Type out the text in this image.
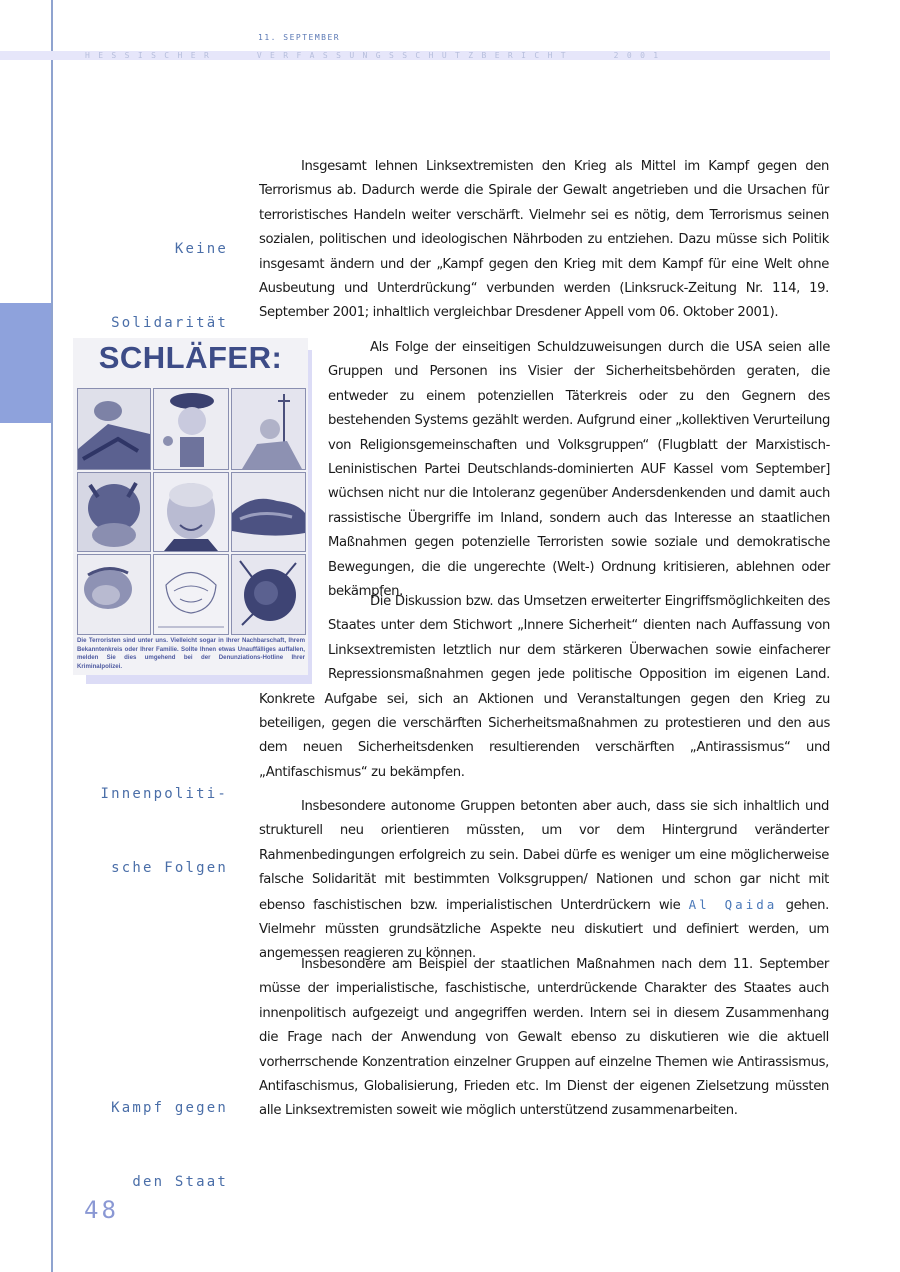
11. SEPTEMBER
HESSISCHER   VERFASSUNGSSCHUTZBERICHT   2001

Keine

Solidarität

Innenpoliti-

sche Folgen

Kampf gegen

den Staat

SCHLÄFER:
Die Terroristen sind unter uns. Vielleicht sogar in Ihrer Nachbarschaft, Ihrem Bekanntenkreis oder Ihrer Familie. Sollte Ihnen etwas Unauffälliges auffallen, melden Sie dies umgehend bei der Denunziations-Hotline Ihrer Kriminalpolizei.
Insgesamt lehnen Linksextremisten den Krieg als Mittel im Kampf gegen den Terrorismus ab. Dadurch werde die Spirale der Gewalt angetrieben und die Ursachen für terroristisches Handeln weiter verschärft. Vielmehr sei es nötig, dem Terrorismus seinen sozialen, politischen und ideologischen Nährboden zu entziehen. Dazu müsse sich Politik insgesamt ändern und der „Kampf gegen den Krieg mit dem Kampf für eine Welt ohne Ausbeutung und Unterdrückung“ verbunden werden (Linksruck-Zeitung Nr. 114, 19. September 2001; inhaltlich vergleichbar Dresdener Appell vom 06. Oktober 2001).
Als Folge der einseitigen Schuldzuweisungen durch die USA seien alle Gruppen und Personen ins Visier der Sicherheitsbehörden geraten, die entweder zu einem potenziellen Täterkreis oder zu den Gegnern des bestehenden Systems gezählt werden. Aufgrund einer „kollektiven Verurteilung von Religionsgemeinschaften und Volksgruppen“ (Flugblatt der Marxistisch-Leninistischen Partei Deutschlands-dominierten AUF Kassel vom September] wüchsen nicht nur die Intoleranz gegenüber Andersdenkenden und damit auch rassistische Übergriffe im Inland, sondern auch das Interesse an staatlichen Maßnahmen gegen potenzielle Terroristen sowie soziale und demokratische Bewegungen, die die ungerechte (Welt-) Ordnung kritisieren, ablehnen oder bekämpfen.
Die Diskussion bzw. das Umsetzen erweiterter Eingriffsmöglichkeiten des Staates unter dem Stichwort „Innere Sicherheit“ dienten nach Auffassung von Linksextremisten letztlich nur dem stärkeren Überwachen sowie einfacherer Repressionsmaßnahmen gegen jede politische Opposition im eigenen Land. Konkrete Aufgabe sei, sich an Aktionen und Veranstaltungen gegen den Krieg zu beteiligen, gegen die verschärften Sicherheitsmaßnahmen zu protestieren und den aus dem neuen Sicherheitsdenken resultierenden verschärften „Antirassismus“ und „Antifaschismus“ zu bekämpfen.
Insbesondere autonome Gruppen betonten aber auch, dass sie sich inhaltlich und strukturell neu orientieren müssten, um vor dem Hintergrund veränderter Rahmenbedingungen erfolgreich zu sein. Dabei dürfe es weniger um eine möglicherweise falsche Solidarität mit bestimmten Volksgruppen/ Nationen und schon gar nicht mit ebenso faschistischen bzw. imperialistischen Unterdrückern wie Al Qaida gehen. Vielmehr müssten grundsätzliche Aspekte neu diskutiert und definiert werden, um angemessen reagieren zu können.
Insbesondere am Beispiel der staatlichen Maßnahmen nach dem 11. September müsse der imperialistische, faschistische, unterdrückende Charakter des Staates auch innenpolitisch aufgezeigt und angegriffen werden. Intern sei in diesem Zusammenhang die Frage nach der Anwendung von Gewalt ebenso zu diskutieren wie die aktuell vorherrschende Konzentration einzelner Gruppen auf einzelne Themen wie Antirassismus, Antifaschismus, Globalisierung, Frieden etc. Im Dienst der eigenen Zielsetzung müssten alle Linksextremisten soweit wie möglich unterstützend zusammenarbeiten.
48
